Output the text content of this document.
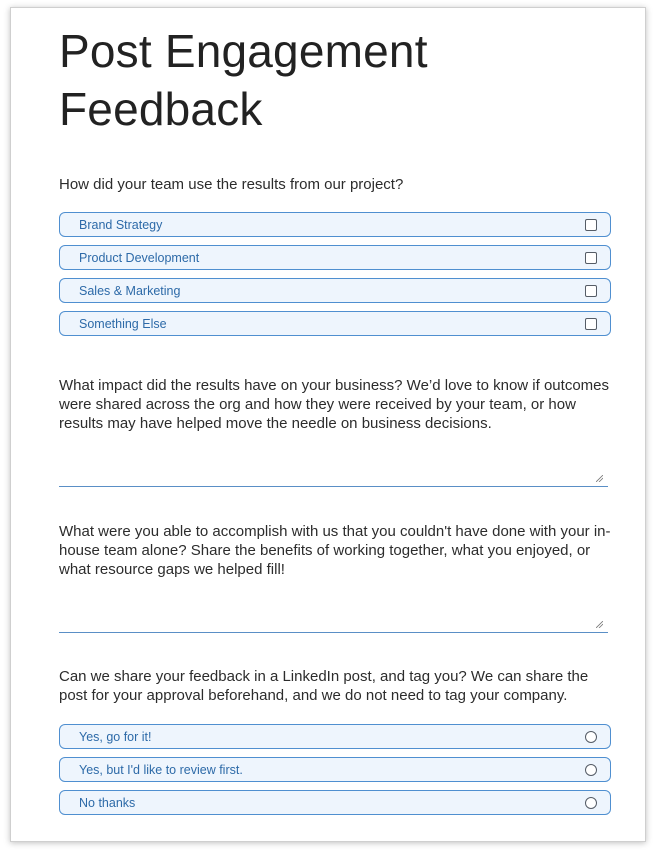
Post Engagement Feedback
How did your team use the results from our project?
Brand Strategy
Product Development
Sales & Marketing
Something Else
What impact did the results have on your business? We’d love to know if outcomes were shared across the org and how they were received by your team, or how results may have helped move the needle on business decisions.
What were you able to accomplish with us that you couldn't have done with your in-house team alone? Share the benefits of working together, what you enjoyed, or what resource gaps we helped fill!
Can we share your feedback in a LinkedIn post, and tag you? We can share the post for your approval beforehand, and we do not need to tag your company.
Yes, go for it!
Yes, but I'd like to review first.
No thanks
